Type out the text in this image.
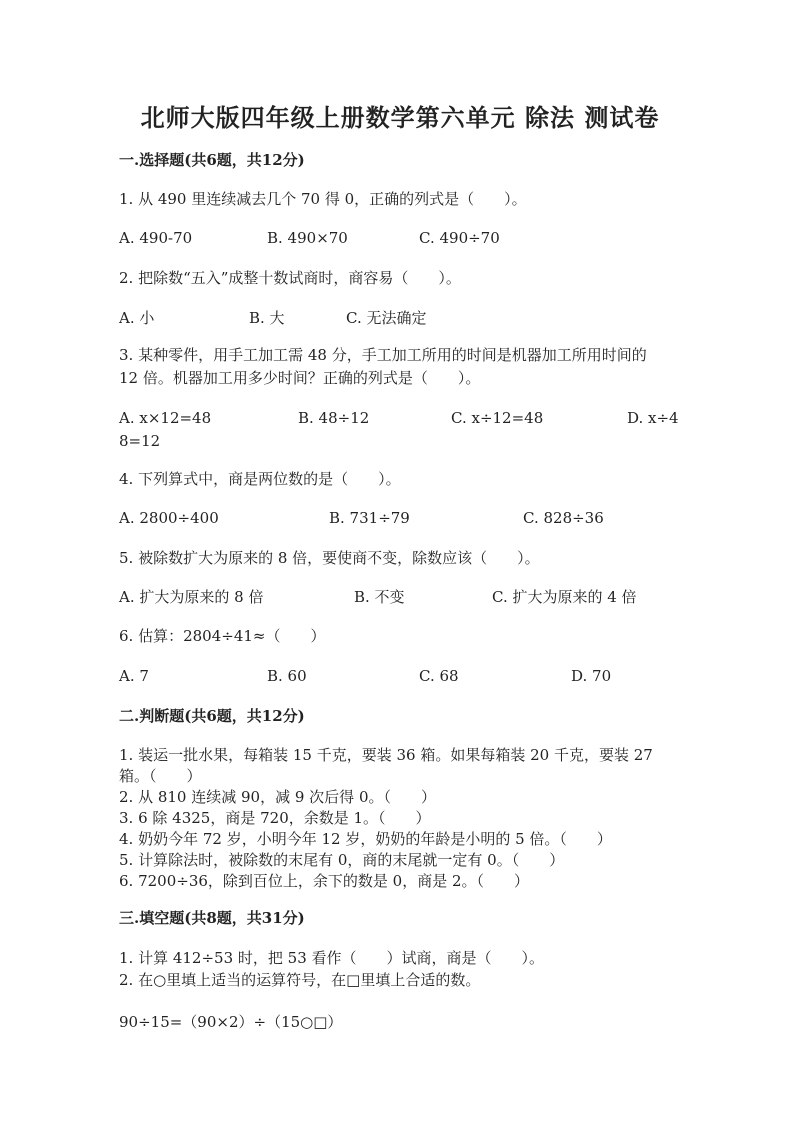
北师大版四年级上册数学第六单元 除法 测试卷
一.选择题(共6题，共12分)
1. 从 490 里连续减去几个 70 得 0，正确的列式是（　　）。
A. 490-70	B. 490×70	C. 490÷70
2. 把除数“五入”成整十数试商时，商容易（　　）。
A. 小	B. 大	C. 无法确定
3. 某种零件，用手工加工需 48 分，手工加工所用的时间是机器加工所用时间的
12 倍。机器加工用多少时间？正确的列式是（　　）。
A. x×12=48	B. 48÷12	C. x÷12=48	D. x÷4
8=12
4. 下列算式中，商是两位数的是（　　）。
A. 2800÷400	B. 731÷79	C. 828÷36
5. 被除数扩大为原来的 8 倍，要使商不变，除数应该（　　）。
A. 扩大为原来的 8 倍	B. 不变	C. 扩大为原来的 4 倍
6. 估算：2804÷41≈（　　）
A. 7	B. 60	C. 68	D. 70
二.判断题(共6题，共12分)
1. 装运一批水果，每箱装 15 千克，要装 36 箱。如果每箱装 20 千克，要装 27
箱。（　　）
2. 从 810 连续减 90，减 9 次后得 0。（　　）
3. 6 除 4325，商是 720，余数是 1。（　　）
4. 奶奶今年 72 岁，小明今年 12 岁，奶奶的年龄是小明的 5 倍。（　　）
5. 计算除法时，被除数的末尾有 0，商的末尾就一定有 0。（　　）
6. 7200÷36，除到百位上，余下的数是 0，商是 2。（　　）
三.填空题(共8题，共31分)
1. 计算 412÷53 时，把 53 看作（　　）试商，商是（　　）。
2. 在○里填上适当的运算符号，在□里填上合适的数。
90÷15=（90×2）÷（15○□）
